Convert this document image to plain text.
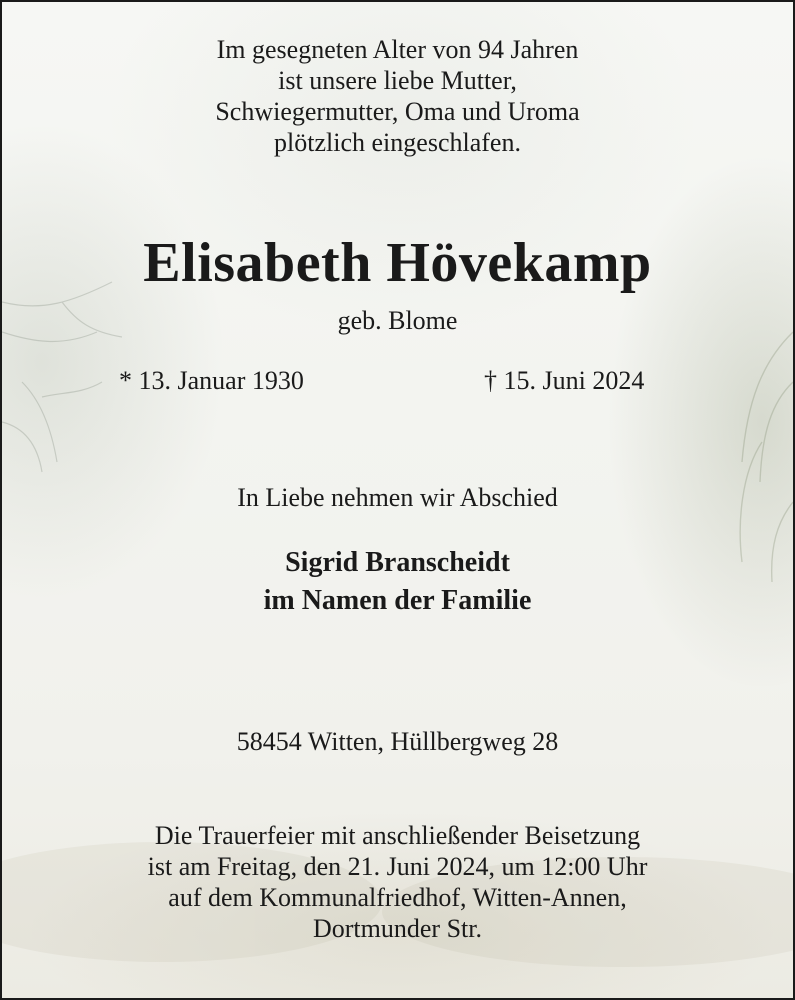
Im gesegneten Alter von 94 Jahren
ist unsere liebe Mutter,
Schwiegermutter, Oma und Uroma
plötzlich eingeschlafen.

Elisabeth Hövekamp

geb. Blome

* 13. Januar 1930	† 15. Juni 2024

In Liebe nehmen wir Abschied

Sigrid Branscheidt
im Namen der Familie

58454 Witten, Hüllbergweg 28

Die Trauerfeier mit anschließender Beisetzung
ist am Freitag, den 21. Juni 2024, um 12:00 Uhr
auf dem Kommunalfriedhof, Witten-Annen,
Dortmunder Str.
